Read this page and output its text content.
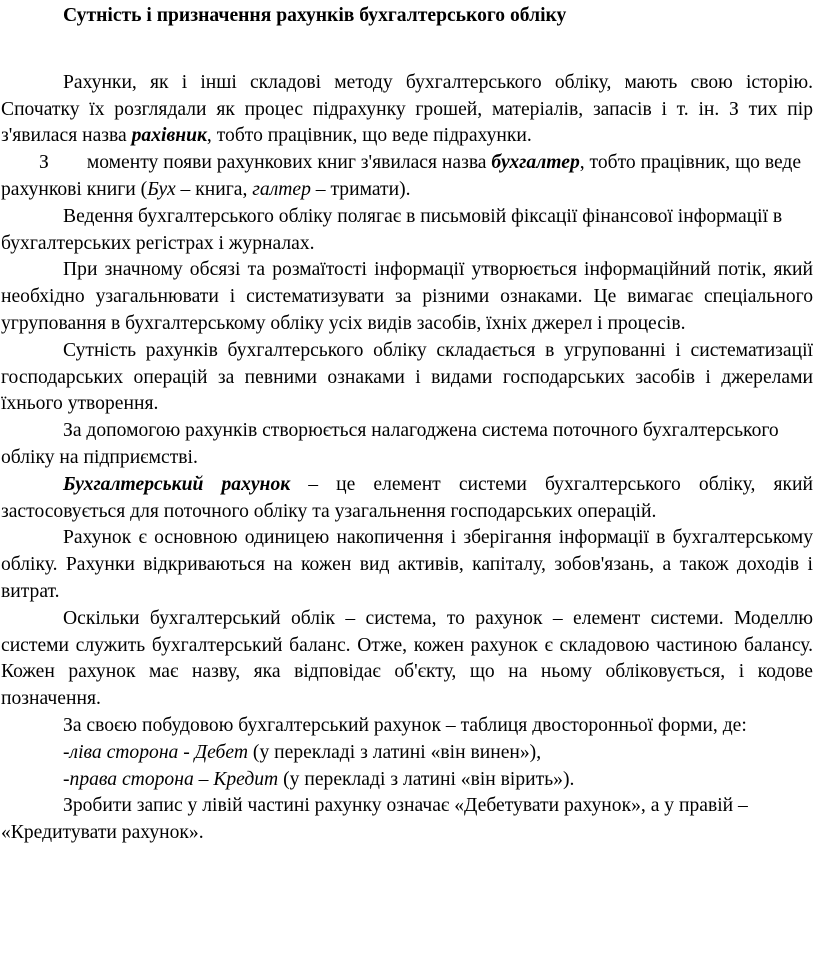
Сутність і призначення рахунків бухгалтерського обліку

Рахунки, як і інші складові методу бухгалтерського обліку, мають свою історію. Спочатку їх розглядали як процес підрахунку грошей, матеріалів, запасів і т. ін. З тих пір з'явилася назва рахівник, тобто працівник, що веде підрахунки.

З моменту появи рахункових книг з'явилася назва бухгалтер, тобто працівник, що веде рахункові книги (Бух – книга, галтер – тримати).

Ведення бухгалтерського обліку полягає в письмовій фіксації фінансової інформації в бухгалтерських регістрах і журналах.

При значному обсязі та розмаїтості інформації утворюється інформаційний потік, який необхідно узагальнювати і систематизувати за різними ознаками. Це вимагає спеціального угруповання в бухгалтерському обліку усіх видів засобів, їхніх джерел і процесів.

Сутність рахунків бухгалтерського обліку складається в угрупованні і систематизації господарських операцій за певними ознаками і видами господарських засобів і джерелами їхнього утворення.

За допомогою рахунків створюється налагоджена система поточного бухгалтерського обліку на підприємстві.

Бухгалтерський рахунок – це елемент системи бухгалтерського обліку, який застосовується для поточного обліку та узагальнення господарських операцій.

Рахунок є основною одиницею накопичення і зберігання інформації в бухгалтерському обліку. Рахунки відкриваються на кожен вид активів, капіталу, зобов'язань, а також доходів і витрат.

Оскільки бухгалтерський облік – система, то рахунок – елемент системи. Моделлю системи служить бухгалтерський баланс. Отже, кожен рахунок є складовою частиною балансу. Кожен рахунок має назву, яка відповідає об'єкту, що на ньому обліковується, і кодове позначення.

За своєю побудовою бухгалтерський рахунок – таблиця двосторонньої форми, де:

-ліва сторона - Дебет (у перекладі з латині «він винен»),

-права сторона – Кредит (у перекладі з латині «він вірить»).

Зробити запис у лівій частині рахунку означає «Дебетувати рахунок», а у правій – «Кредитувати рахунок».
